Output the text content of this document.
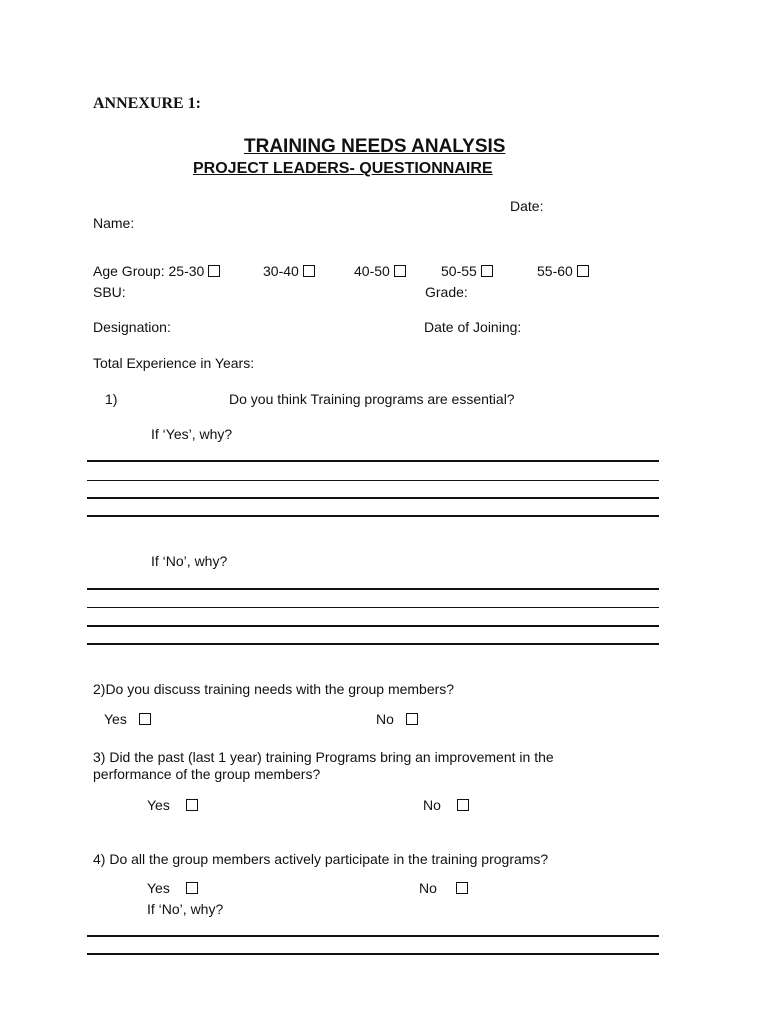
ANNEXURE 1:
TRAINING NEEDS ANALYSIS
PROJECT LEADERS- QUESTIONNAIRE
Date:
Name:
Age Group: 25-30	30-40	40-50	50-55	55-60
SBU:	Grade:
Designation:	Date of Joining:
Total Experience in Years:
1)	Do you think Training programs are essential?
If ‘Yes’, why?
If ‘No’, why?
2)Do you discuss training needs with the group members?
Yes	No
3) Did the past (last 1 year) training Programs bring an improvement in the
performance of the group members?
Yes	No
4) Do all the group members actively participate in the training programs?
Yes	No
If ‘No’, why?
